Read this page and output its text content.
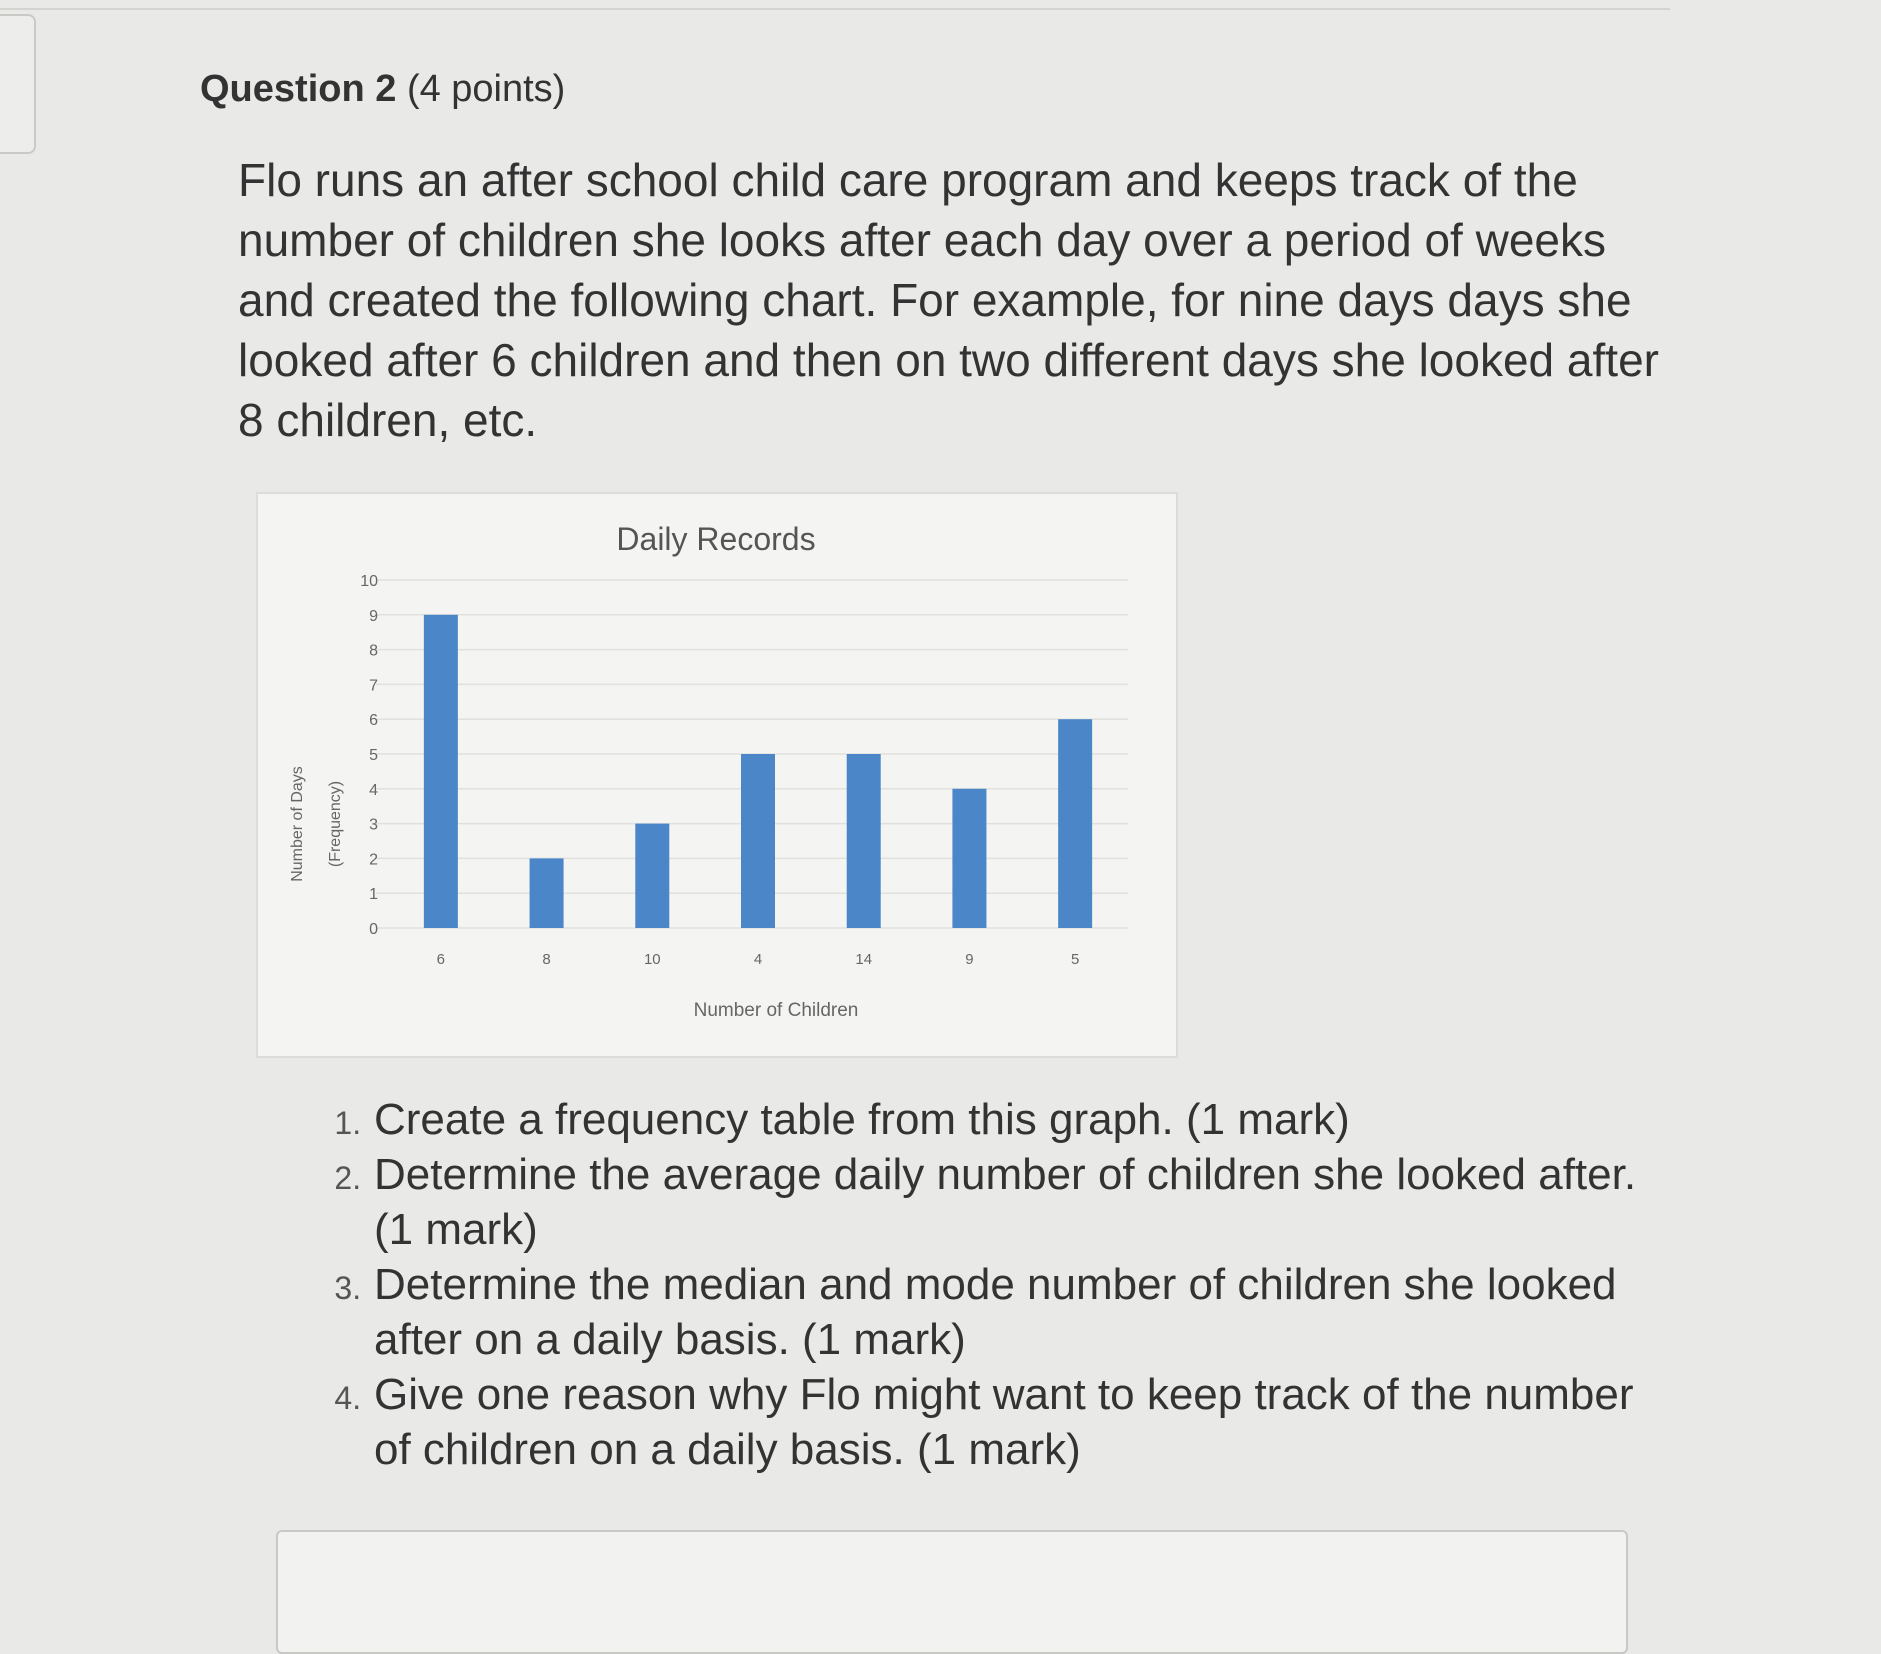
Question 2 (4 points)

Flo runs an after school child care program and keeps track of the number of children she looks after each day over a period of weeks and created the following chart. For example, for nine days days she looked after 6 children and then on two different days she looked after 8 children, etc.

Daily Records
0
1
2
3
4
5
6
7
8
9
10
6	8	10	4	14	9	5
Number of Children
Number of Days (Frequency)
1. Create a frequency table from this graph. (1 mark)
2. Determine the average daily number of children she looked after. (1 mark)
3. Determine the median and mode number of children she looked after on a daily basis. (1 mark)
4. Give one reason why Flo might want to keep track of the number of children on a daily basis. (1 mark)
